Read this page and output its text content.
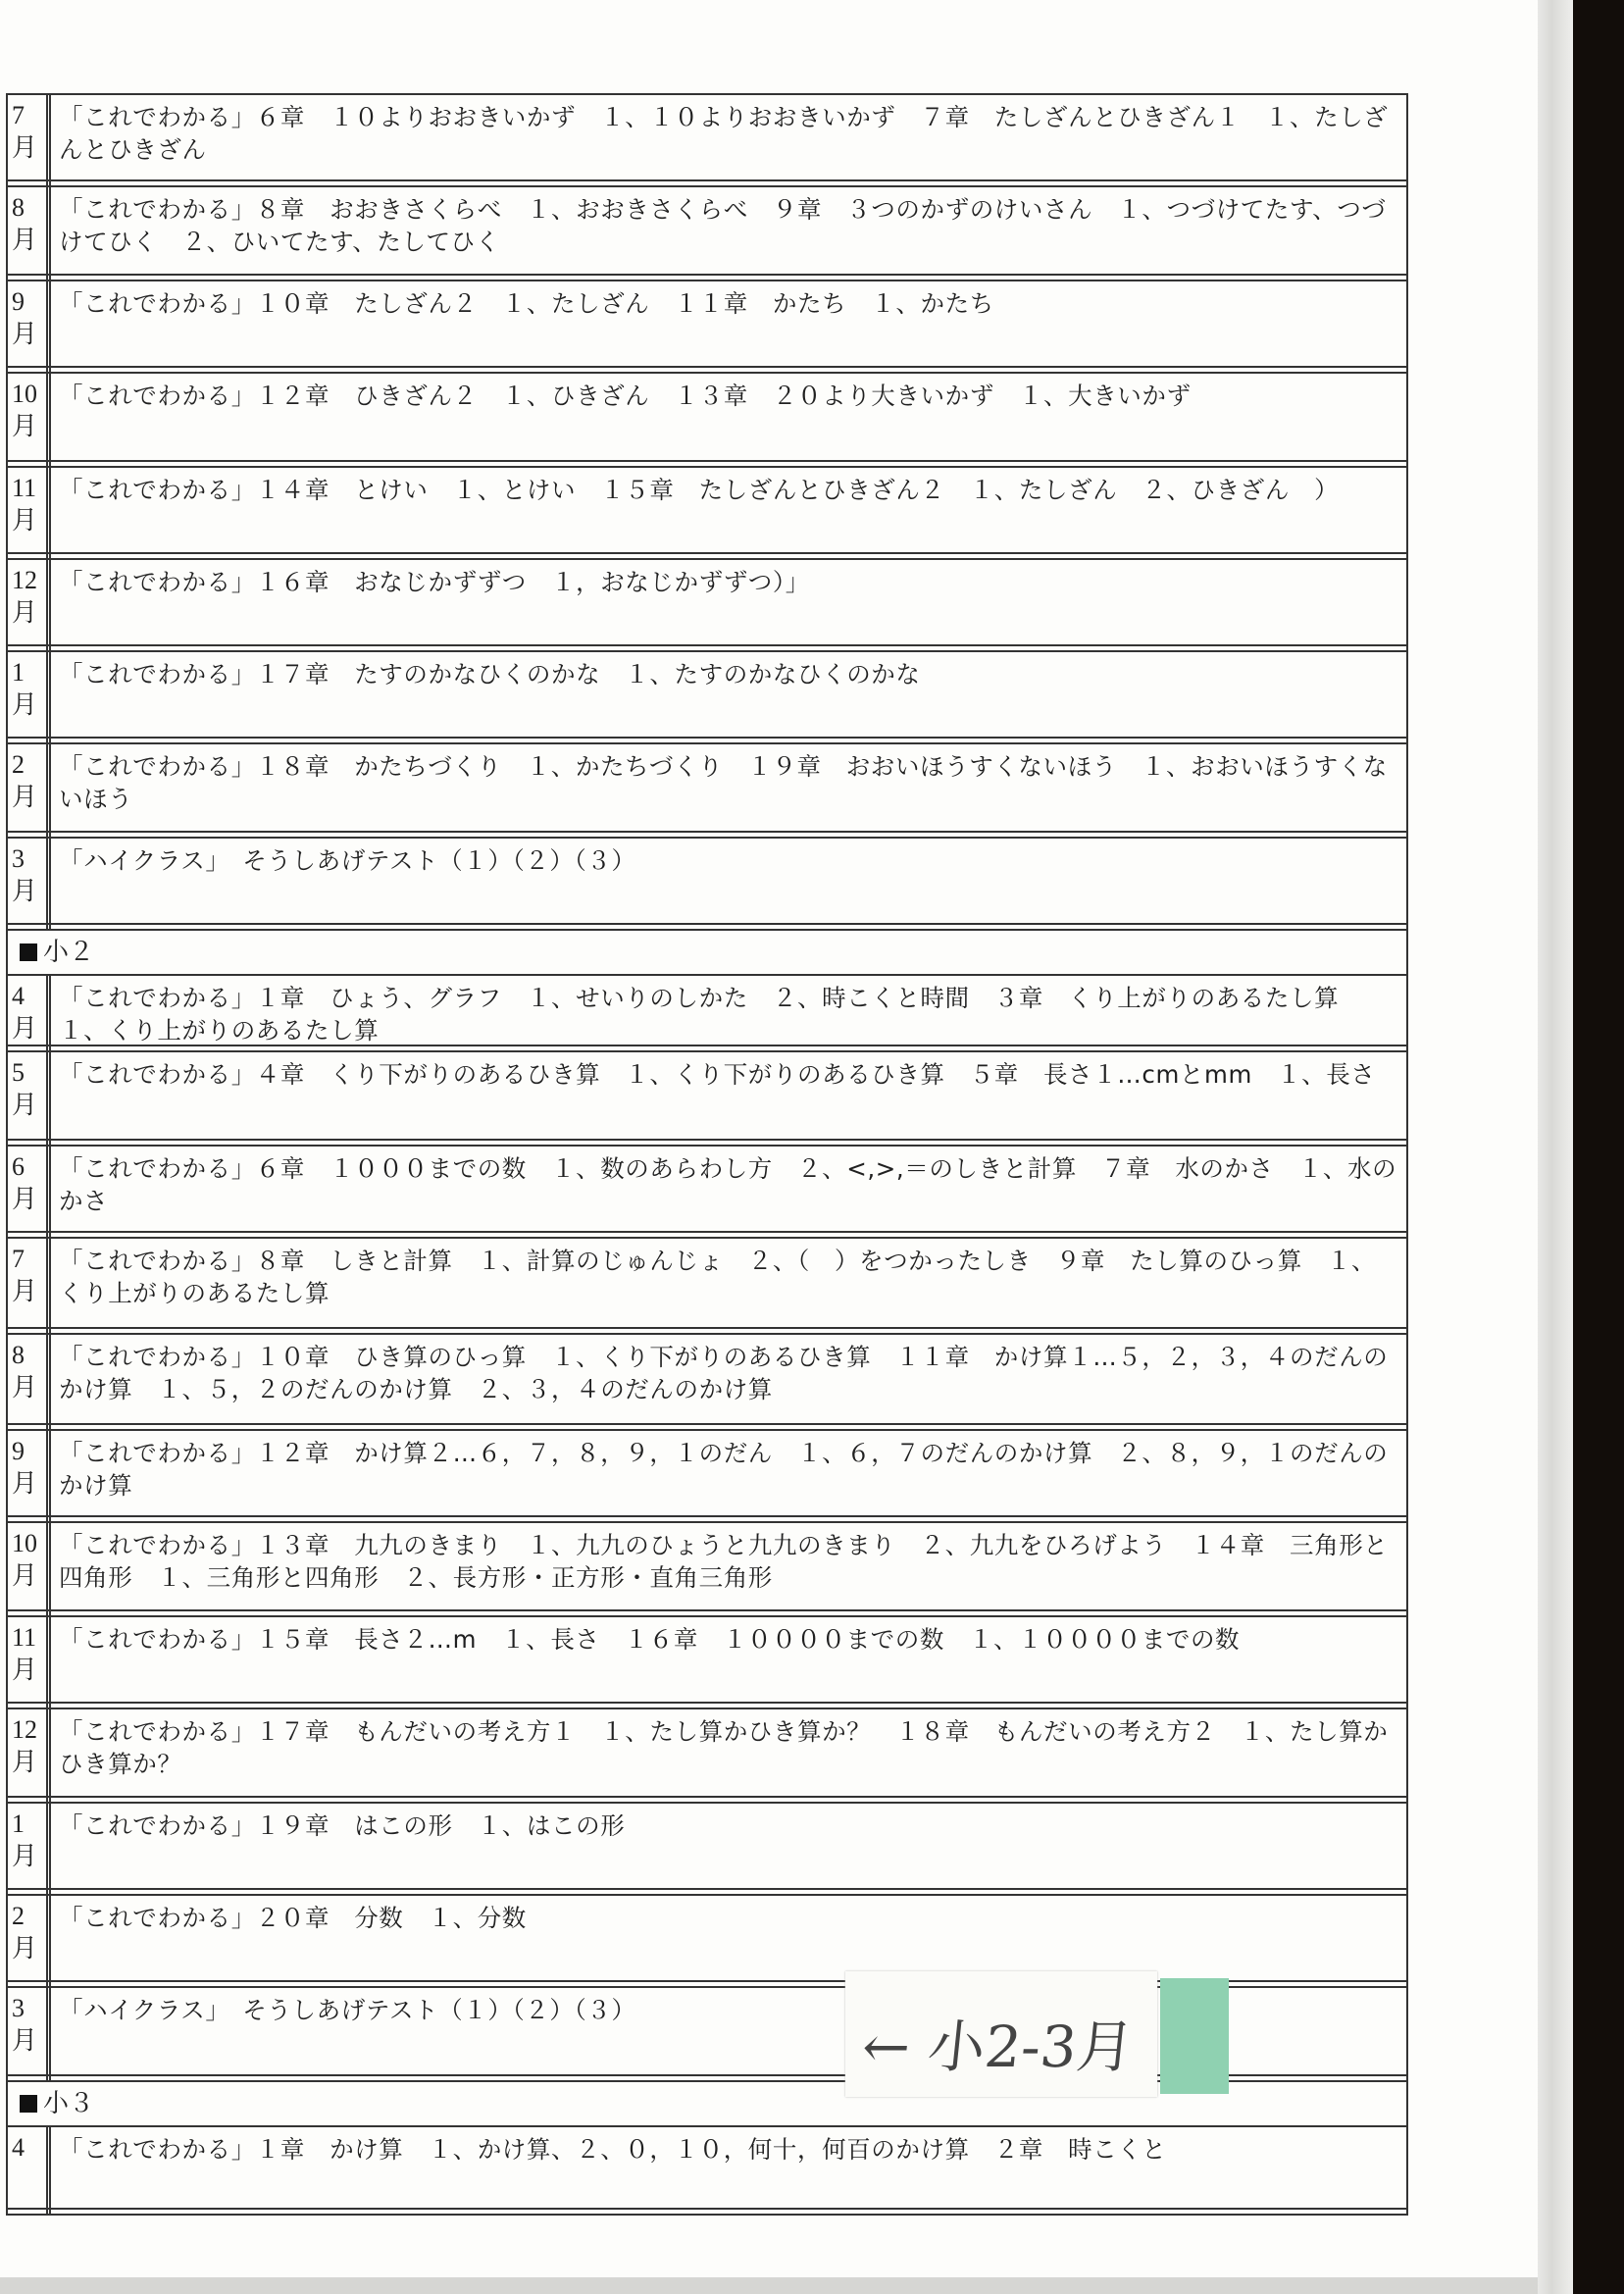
7
月
「これでわかる」６章　１０よりおおきいかず　１、１０よりおおきいかず　７章　たしざんとひきざん１　１、たしざんとひきざん
8
月
「これでわかる」８章　おおきさくらべ　１、おおきさくらべ　９章　３つのかずのけいさん　１、つづけてたす、つづけてひく　２、ひいてたす、たしてひく
9
月
「これでわかる」１０章　たしざん２　１、たしざん　１１章　かたち　１、かたち
10
月
「これでわかる」１２章　ひきざん２　１、ひきざん　１３章　２０より大きいかず　１、大きいかず
11
月
「これでわかる」１４章　とけい　１、とけい　１５章　たしざんとひきざん２　１、たしざん　２、ひきざん　）
12
月
「これでわかる」１６章　おなじかずずつ　１，おなじかずずつ）」
1
月
「これでわかる」１７章　たすのかなひくのかな　１、たすのかなひくのかな
2
月
「これでわかる」１８章　かたちづくり　１、かたちづくり　１９章　おおいほうすくないほう　１、おおいほうすくないほう
3
月
「ハイクラス」　そうしあげテスト（１）（２）（３）
小２
4
月
「これでわかる」１章　ひょう、グラフ　１、せいりのしかた　２、時こくと時間　３章　くり上がりのあるたし算　１、くり上がりのあるたし算
5
月
「これでわかる」４章　くり下がりのあるひき算　１、くり下がりのあるひき算　５章　長さ１…cmとmm　１、長さ
6
月
「これでわかる」６章　１０００までの数　１、数のあらわし方　２、<,>,＝のしきと計算　７章　水のかさ　１、水のかさ
7
月
「これでわかる」８章　しきと計算　１、計算のじゅんじょ　２、（　）をつかったしき　９章　たし算のひっ算　１、くり上がりのあるたし算
8
月
「これでわかる」１０章　ひき算のひっ算　１、くり下がりのあるひき算　１１章　かけ算１…５，２，３，４のだんのかけ算　１、５，２のだんのかけ算　２、３，４のだんのかけ算
9
月
「これでわかる」１２章　かけ算２…６，７，８，９，１のだん　１、６，７のだんのかけ算　２、８，９，１のだんのかけ算
10
月
「これでわかる」１３章　九九のきまり　１、九九のひょうと九九のきまり　２、九九をひろげよう　１４章　三角形と四角形　１、三角形と四角形　２、長方形・正方形・直角三角形
11
月
「これでわかる」１５章　長さ２…m　１、長さ　１６章　１００００までの数　１、１００００までの数
12
月
「これでわかる」１７章　もんだいの考え方１　１、たし算かひき算か？　１８章　もんだいの考え方２　１、たし算かひき算か？
1
月
「これでわかる」１９章　はこの形　１、はこの形
2
月
「これでわかる」２０章　分数　１、分数
3
月
「ハイクラス」　そうしあげテスト（１）（２）（３）
小３
4	「これでわかる」１章　かけ算　１、かけ算、２、０，１０，何十，何百のかけ算　２章　時こくと
← 小2-3月
